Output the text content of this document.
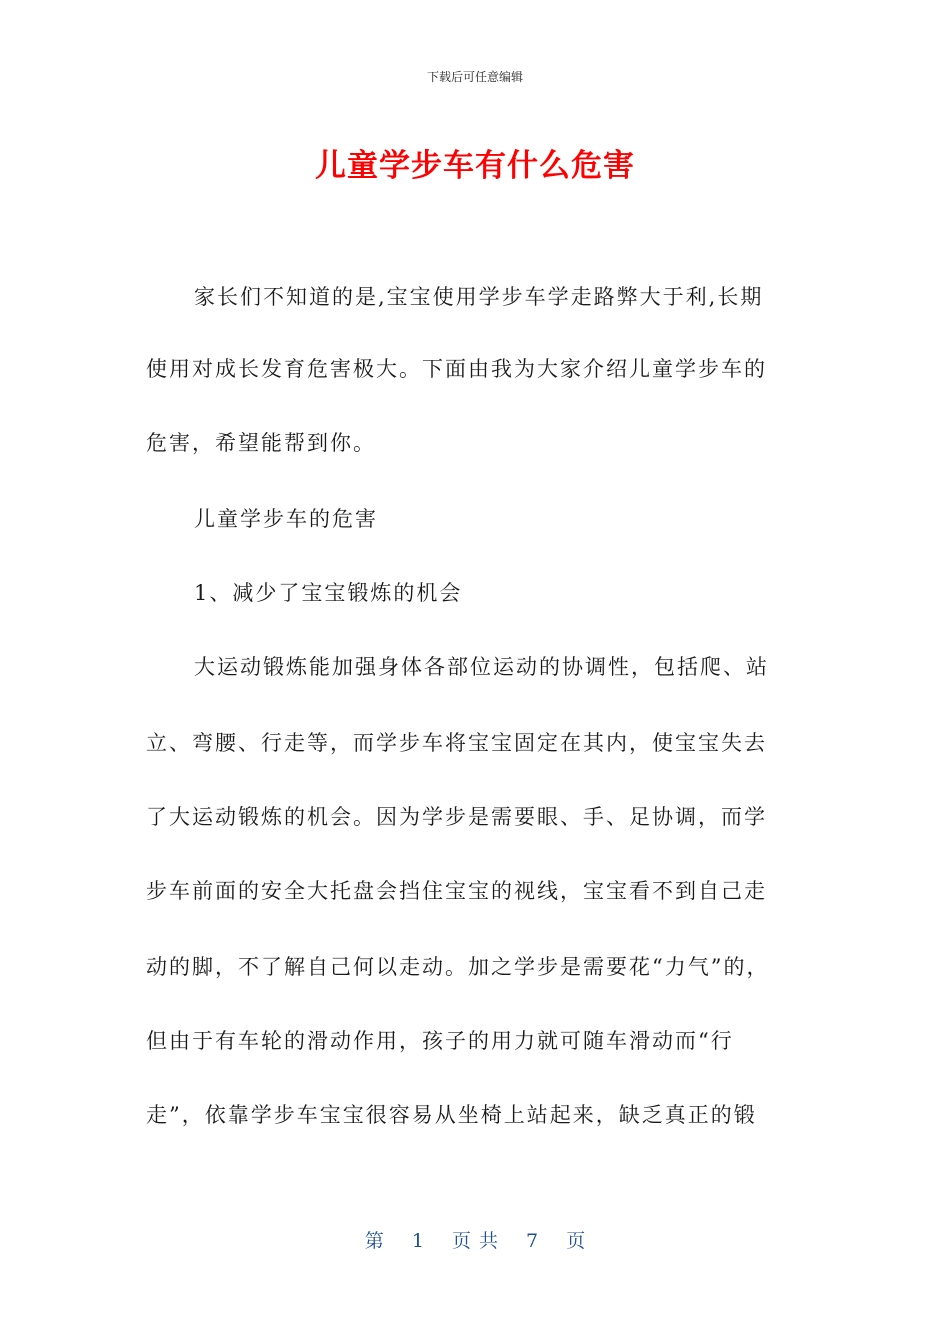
下载后可任意编辑
儿童学步车有什么危害
家长们不知道的是,宝宝使用学步车学走路弊大于利,长期
使用对成长发育危害极大。下面由我为大家介绍儿童学步车的
危害，希望能帮到你。
儿童学步车的危害
1、减少了宝宝锻炼的机会
大运动锻炼能加强身体各部位运动的协调性，包括爬、站
立、弯腰、行走等，而学步车将宝宝固定在其内，使宝宝失去
了大运动锻炼的机会。因为学步是需要眼、手、足协调，而学
步车前面的安全大托盘会挡住宝宝的视线，宝宝看不到自己走
动的脚，不了解自己何以走动。加之学步是需要花“力气”的，
但由于有车轮的滑动作用，孩子的用力就可随车滑动而“行
走”，依靠学步车宝宝很容易从坐椅上站起来，缺乏真正的锻
第 1 页共 7 页
